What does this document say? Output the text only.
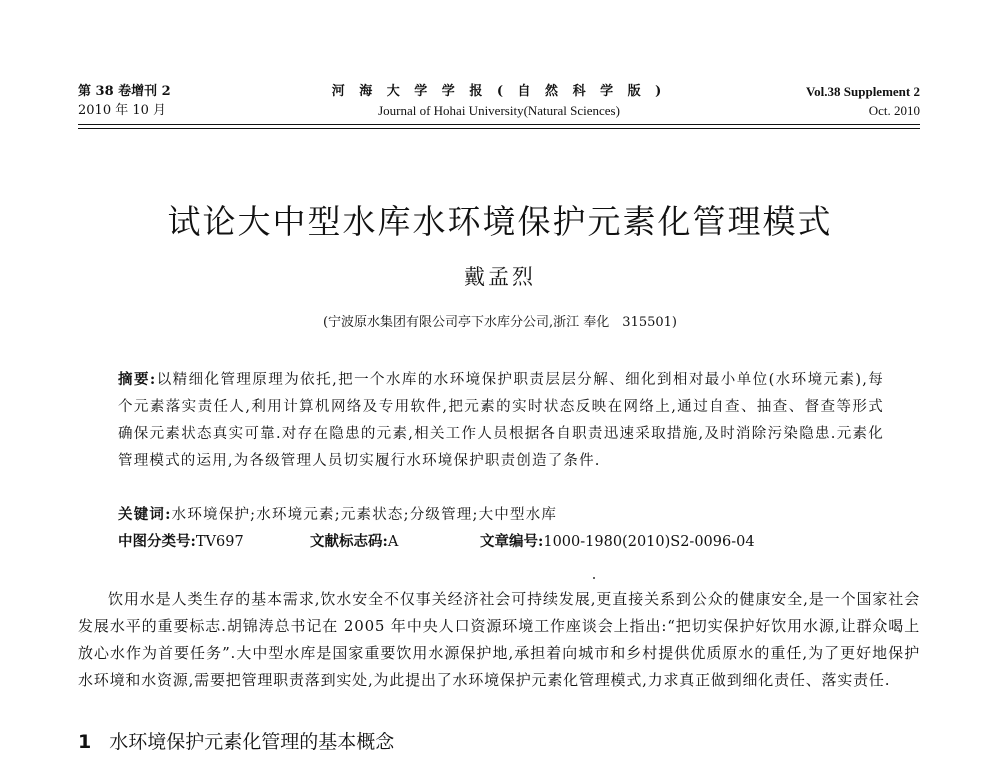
第 38 卷增刊 2
2010 年 10 月
河 海 大 学 学 报 ( 自 然 科 学 版 )
Journal of Hohai University(Natural Sciences)
Vol.38 Supplement 2
Oct. 2010
试论大中型水库水环境保护元素化管理模式
戴孟烈
(宁波原水集团有限公司亭下水库分公司,浙江 奉化　315501)
摘要:以精细化管理原理为依托,把一个水库的水环境保护职责层层分解、细化到相对最小单位(水环境元素),每个元素落实责任人,利用计算机网络及专用软件,把元素的实时状态反映在网络上,通过自查、抽查、督查等形式确保元素状态真实可靠.对存在隐患的元素,相关工作人员根据各自职责迅速采取措施,及时消除污染隐患.元素化管理模式的运用,为各级管理人员切实履行水环境保护职责创造了条件.
关键词:水环境保护;水环境元素;元素状态;分级管理;大中型水库
中图分类号:TV697	文献标志码:A	文章编号:1000-1980(2010)S2-0096-04
饮用水是人类生存的基本需求,饮水安全不仅事关经济社会可持续发展,更直接关系到公众的健康安全,是一个国家社会发展水平的重要标志.胡锦涛总书记在 2005 年中央人口资源环境工作座谈会上指出:“把切实保护好饮用水源,让群众喝上放心水作为首要任务”.大中型水库是国家重要饮用水源保护地,承担着向城市和乡村提供优质原水的重任,为了更好地保护水环境和水资源,需要把管理职责落到实处,为此提出了水环境保护元素化管理模式,力求真正做到细化责任、落实责任.
1 水环境保护元素化管理的基本概念
